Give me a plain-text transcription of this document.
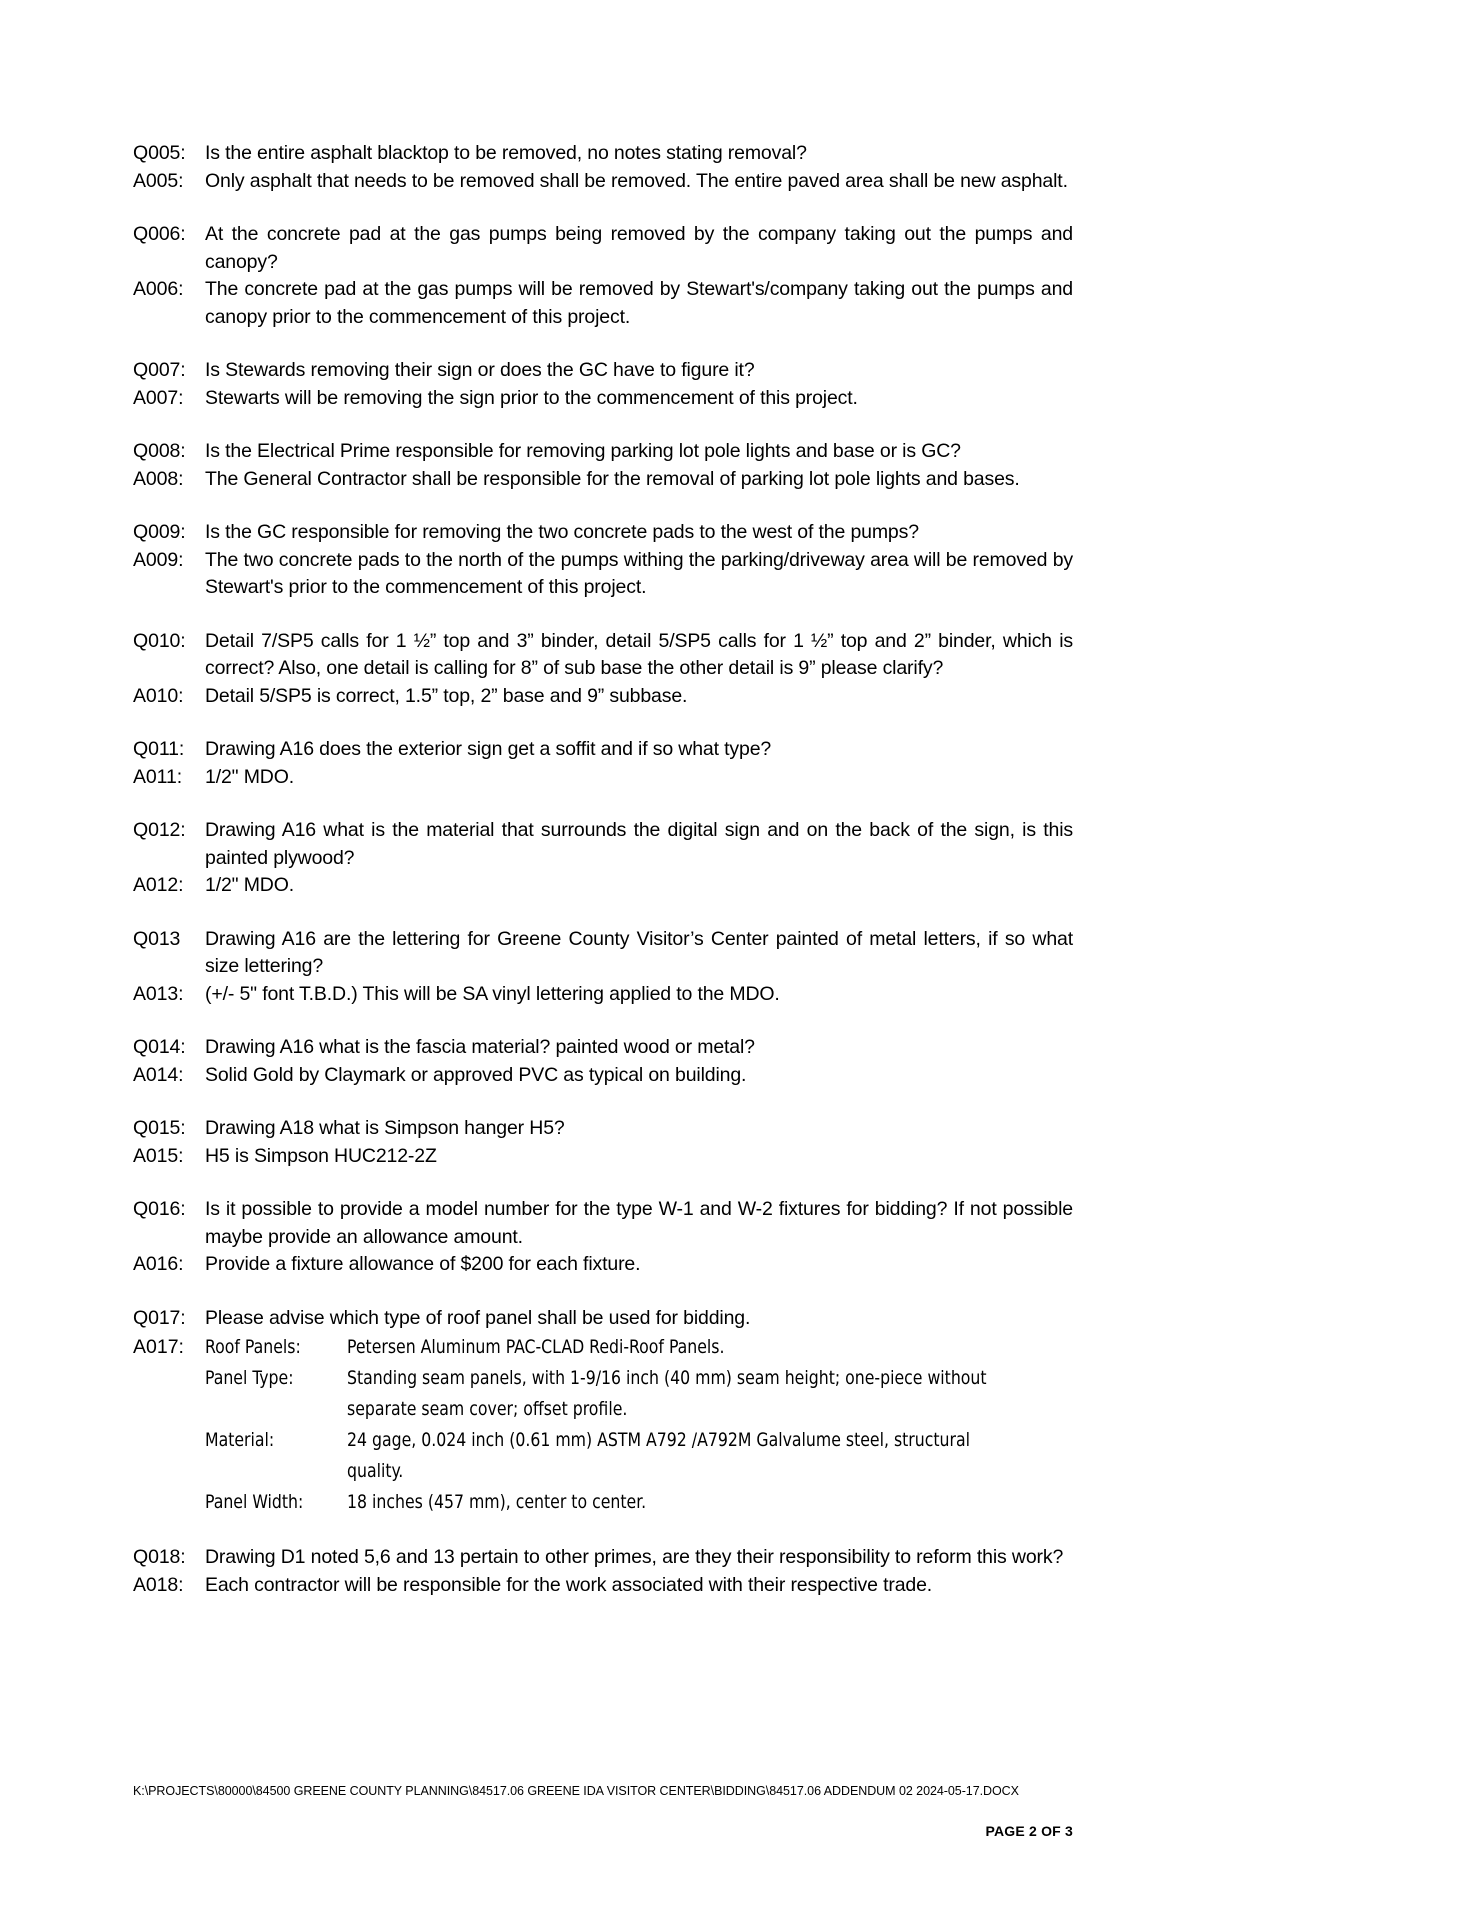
Q005: Is the entire asphalt blacktop to be removed, no notes stating removal?
A005:	Only asphalt that needs to be removed shall be removed. The entire paved area shall be new asphalt.
Q006: At the concrete pad at the gas pumps being removed by the company taking out the pumps and canopy?
A006:	The concrete pad at the gas pumps will be removed by Stewart's/company taking out the pumps and canopy prior to the commencement of this project.
Q007: Is Stewards removing their sign or does the GC have to figure it?
A007:	Stewarts will be removing the sign prior to the commencement of this project.
Q008: Is the Electrical Prime responsible for removing parking lot pole lights and base or is GC?
A008:	The General Contractor shall be responsible for the removal of parking lot pole lights and bases.
Q009: Is the GC responsible for removing the two concrete pads to the west of the pumps?
A009:	The two concrete pads to the north of the pumps withing the parking/driveway area will be removed by Stewart's prior to the commencement of this project.
Q010: Detail 7/SP5 calls for 1 ½” top and 3” binder, detail 5/SP5 calls for 1 ½” top and 2” binder, which is correct? Also, one detail is calling for 8” of sub base the other detail is 9” please clarify?
A010:	Detail 5/SP5 is correct, 1.5” top, 2” base and 9” subbase.
Q011:	Drawing A16 does the exterior sign get a soffit and if so what type?
A011:	1/2" MDO.
Q012: Drawing A16 what is the material that surrounds the digital sign and on the back of the sign, is this painted plywood?
A012:	1/2" MDO.
Q013	Drawing A16 are the lettering for Greene County Visitor’s Center painted of metal letters, if so what size lettering?
A013:	(+/- 5" font T.B.D.) This will be SA vinyl lettering applied to the MDO.
Q014: Drawing A16 what is the fascia material? painted wood or metal?
A014:	Solid Gold by Claymark or approved PVC as typical on building.
Q015: Drawing A18 what is Simpson hanger H5?
A015:	H5 is Simpson HUC212-2Z
Q016: Is it possible to provide a model number for the type W-1 and W-2 fixtures for bidding? If not possible maybe provide an allowance amount.
A016:	Provide a fixture allowance of $200 for each fixture.
Q017: Please advise which type of roof panel shall be used for bidding.
A017:	Roof Panels:	Petersen Aluminum PAC-CLAD Redi-Roof Panels.
Panel Type:	Standing seam panels, with 1-9/16 inch (40 mm) seam height; one-piece without separate seam cover; offset profile.
Material:	24 gage, 0.024 inch (0.61 mm) ASTM A792 /A792M Galvalume steel, structural quality.
Panel Width:	18 inches (457 mm), center to center.
Q018: Drawing D1 noted 5,6 and 13 pertain to other primes, are they their responsibility to reform this work?
A018:	Each contractor will be responsible for the work associated with their respective trade.
K:\PROJECTS\80000\84500 GREENE COUNTY PLANNING\84517.06 GREENE IDA VISITOR CENTER\BIDDING\84517.06 ADDENDUM 02 2024-05-17.DOCX
PAGE 2 OF 3
